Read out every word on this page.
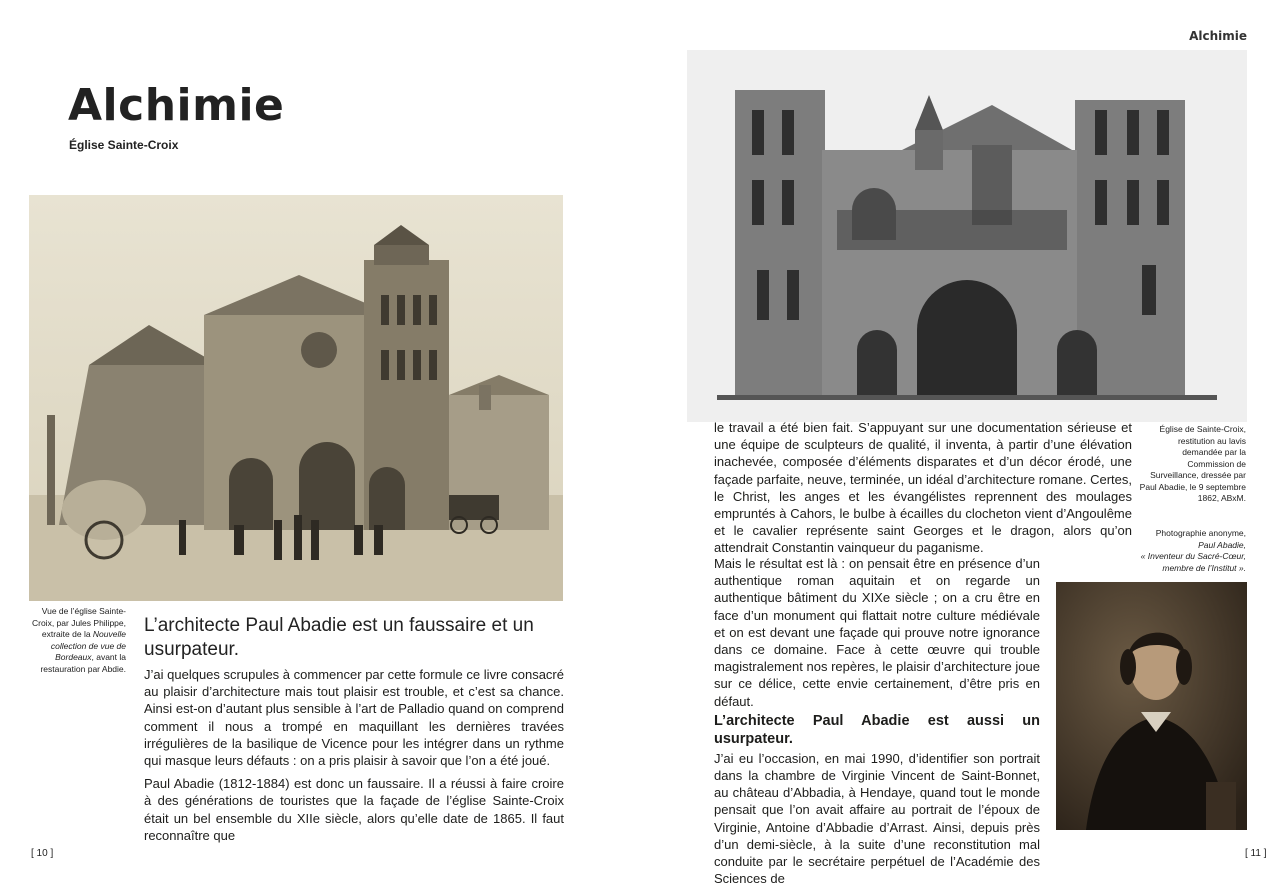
Alchimie
Église Sainte-Croix
Alchimie
Vue de l’église Sainte-Croix, par Jules Philippe, extraite de la Nouvelle collection de vue de Bordeaux, avant la restauration par Abdie.
L’architecte Paul Abadie est un faussaire et un usurpateur.

J’ai quelques scrupules à commencer par cette formule ce livre consacré au plaisir d’architecture mais tout plaisir est trouble, et c’est sa chance. Ainsi est-on d’autant plus sensible à l’art de Palladio quand on comprend comment il nous a trompé en maquillant les dernières travées irrégulières de la basilique de Vicence pour les intégrer dans un rythme qui masque leurs défauts : on a pris plaisir à savoir que l’on a été joué.

Paul Abadie (1812-1884) est donc un faussaire. Il a réussi à faire croire à des générations de touristes que la façade de l’église Sainte-Croix était un bel ensemble du XIIe siècle, alors qu’elle date de 1865. Il faut reconnaître que

Église de Sainte-Croix, restitution au lavis demandée par la Commission de Surveillance, dressée par Paul Abadie, le 9 septembre 1862, ABxM.
le travail a été bien fait. S’appuyant sur une documentation sérieuse et une équipe de sculpteurs de qualité, il inventa, à partir d’une élévation inachevée, composée d’éléments disparates et d’un décor érodé, une façade parfaite, neuve, terminée, un idéal d’architecture romane. Certes, le Christ, les anges et les évangélistes reprennent des moulages empruntés à Cahors, le bulbe à écailles du clocheton vient d’Angoulême et le cavalier représente saint Georges et le dragon, alors qu’on attendrait Constantin vainqueur du paganisme.

Mais le résultat est là : on pensait être en présence d’un authentique roman aquitain et on regarde un authentique bâtiment du XIXe siècle ; on a cru être en face d’un monument qui flattait notre culture médiévale et on est devant une façade qui prouve notre ignorance dans ce domaine. Face à cette œuvre qui trouble magistralement nos repères, le plaisir d’architecture joue sur ce délice, cette envie certainement, d’être pris en défaut.

L’architecte Paul Abadie est aussi un usurpateur.

J’ai eu l’occasion, en mai 1990, d’identifier son portrait dans la chambre de Virginie Vincent de Saint-Bonnet, au château d’Abbadia, à Hendaye, quand tout le monde pensait que l’on avait affaire au portrait de l’époux de Virginie, Antoine d’Abbadie d’Arrast. Ainsi, depuis près d’un demi-siècle, à la suite d’une reconstitution mal conduite par le secrétaire perpétuel de l’Académie des Sciences de

Photographie anonyme,
Paul Abadie,
« Inventeur du Sacré-Cœur, membre de l’Institut ».
[ 10 ]	[ 11 ]
